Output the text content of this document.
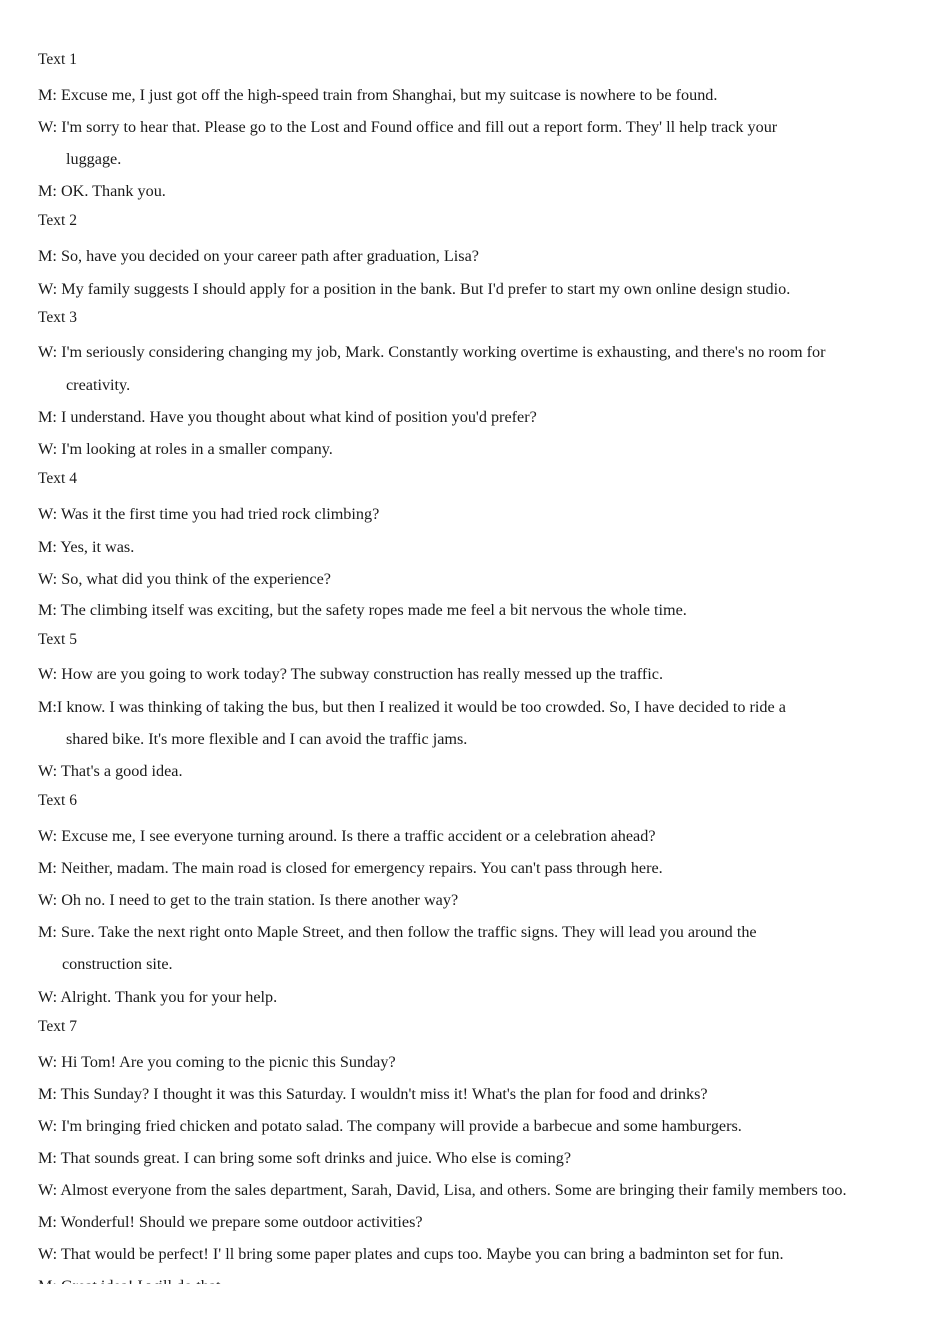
Text 1
M: Excuse me, I just got off the high-speed train from Shanghai, but my suitcase is nowhere to be found.
W: I'm sorry to hear that. Please go to the Lost and Found office and fill out a report form. They' ll help track your
luggage.
M: OK. Thank you.
Text 2
M: So, have you decided on your career path after graduation, Lisa?
W: My family suggests I should apply for a position in the bank. But I'd prefer to start my own online design studio.
Text 3
W: I'm seriously considering changing my job, Mark. Constantly working overtime is exhausting, and there's no room for
creativity.
M: I understand. Have you thought about what kind of position you'd prefer?
W: I'm looking at roles in a smaller company.
Text 4
W: Was it the first time you had tried rock climbing?
M: Yes, it was.
W: So, what did you think of the experience?
M: The climbing itself was exciting, but the safety ropes made me feel a bit nervous the whole time.
Text 5
W: How are you going to work today? The subway construction has really messed up the traffic.
M:I know. I was thinking of taking the bus, but then I realized it would be too crowded. So, I have decided to ride a
shared bike. It's more flexible and I can avoid the traffic jams.
W: That's a good idea.
Text 6
W: Excuse me, I see everyone turning around. Is there a traffic accident or a celebration ahead?
M: Neither, madam. The main road is closed for emergency repairs. You can't pass through here.
W: Oh no. I need to get to the train station. Is there another way?
M: Sure. Take the next right onto Maple Street, and then follow the traffic signs. They will lead you around the
construction site.
W: Alright. Thank you for your help.
Text 7
W: Hi Tom! Are you coming to the picnic this Sunday?
M: This Sunday? I thought it was this Saturday. I wouldn't miss it! What's the plan for food and drinks?
W: I'm bringing fried chicken and potato salad. The company will provide a barbecue and some hamburgers.
M: That sounds great. I can bring some soft drinks and juice. Who else is coming?
W: Almost everyone from the sales department, Sarah, David, Lisa, and others. Some are bringing their family members too.
M: Wonderful! Should we prepare some outdoor activities?
W: That would be perfect! I' ll bring some paper plates and cups too. Maybe you can bring a badminton set for fun.
